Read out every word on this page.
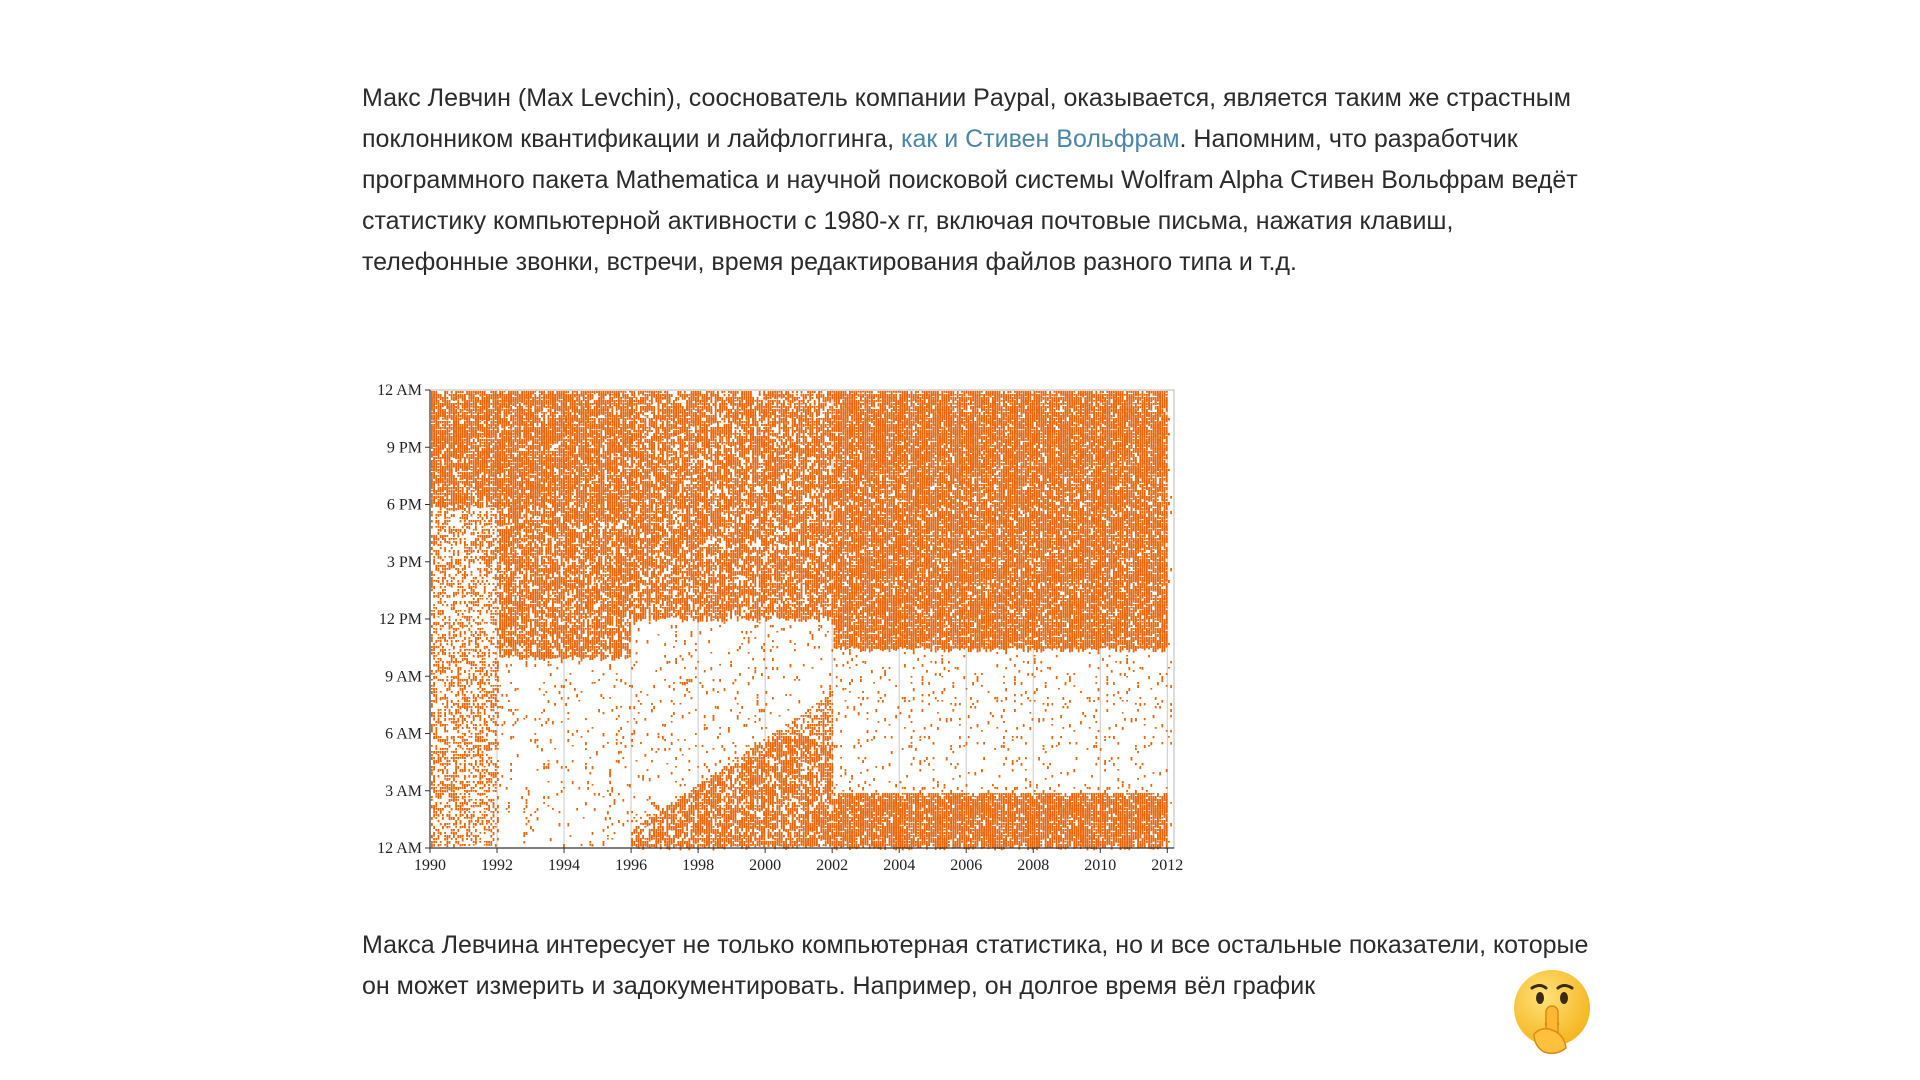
Макс Левчин (Max Levchin), сооснователь компании Paypal, оказывается, является таким же страстным поклонником квантификации и лайфлоггинга, как и Стивен Вольфрам. Напомним, что разработчик программного пакета Mathematica и научной поисковой системы Wolfram Alpha Стивен Вольфрам ведёт статистику компьютерной активности с 1980-х гг, включая почтовые письма, нажатия клавиш, телефонные звонки, встречи, время редактирования файлов разного типа и т.д.

12 AM
3 AM
6 AM
9 AM
12 PM
3 PM
6 PM
9 PM
12 AM
1990 1992 1994 1996 1998 2000 2002 2004 2006 2008 2010 2012

Макса Левчина интересует не только компьютерная статистика, но и все остальные показатели, которые он может измерить и задокументировать. Например, он долгое время вёл график
